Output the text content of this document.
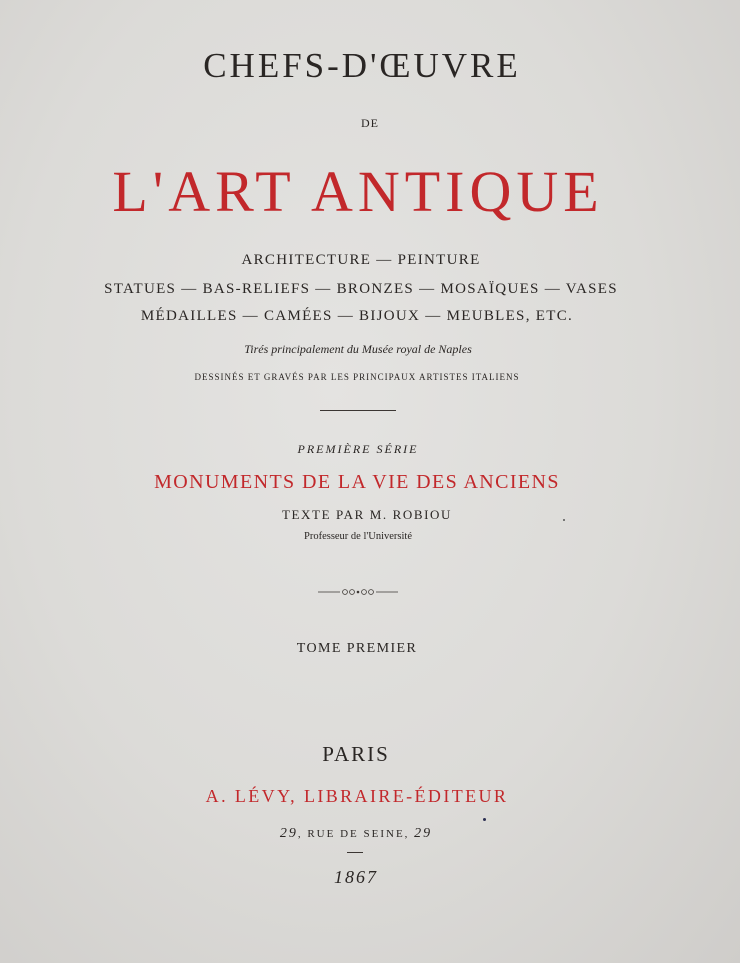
CHEFS-D'ŒUVRE
DE
L'ART ANTIQUE
ARCHITECTURE — PEINTURE
STATUES — BAS-RELIEFS — BRONZES — MOSAÏQUES — VASES
MÉDAILLES — CAMÉES — BIJOUX — MEUBLES, ETC.
Tirés principalement du Musée royal de Naples
DESSINÉS ET GRAVÉS PAR LES PRINCIPAUX ARTISTES ITALIENS
PREMIÈRE SÉRIE
MONUMENTS DE LA VIE DES ANCIENS
TEXTE PAR M. ROBIOU
Professeur de l'Université
TOME PREMIER
PARIS
A. LÉVY, LIBRAIRE-ÉDITEUR
29, RUE DE SEINE, 29
1867
